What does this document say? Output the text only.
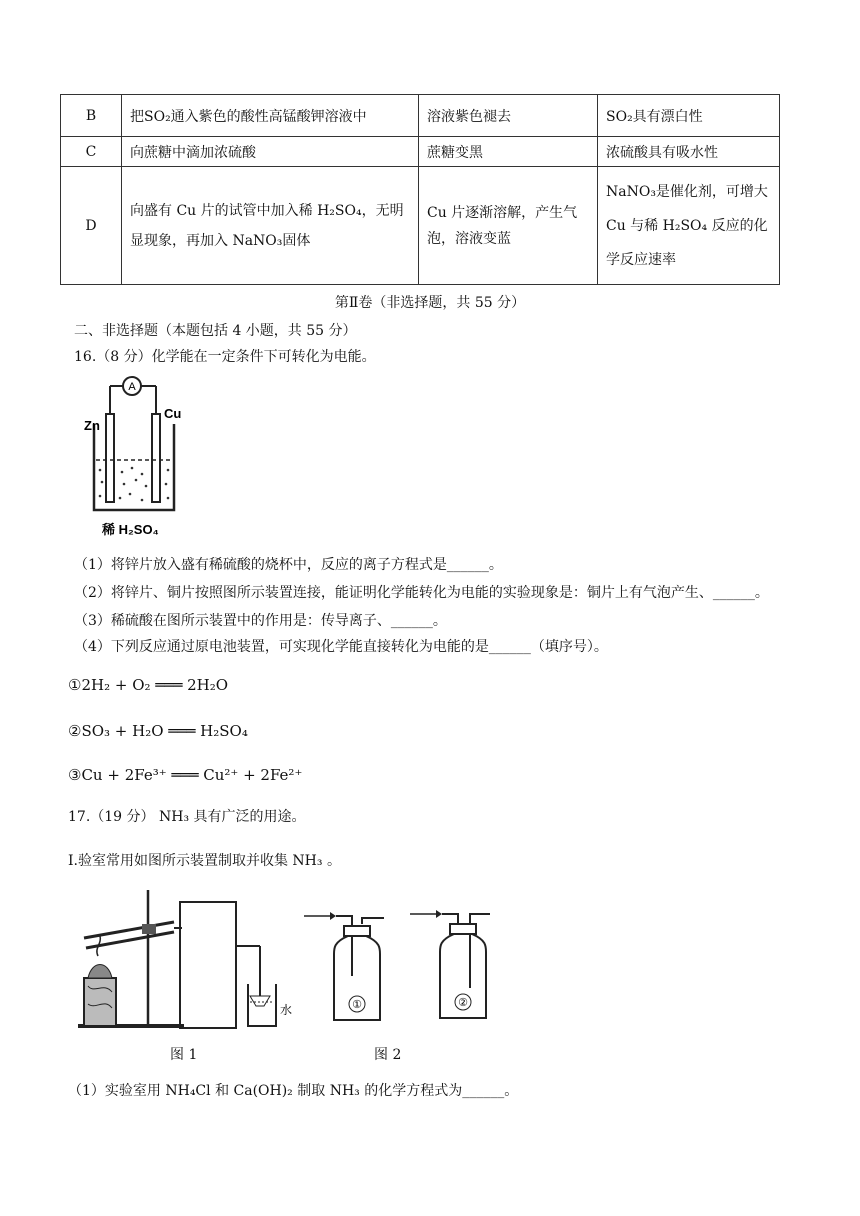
B	把SO₂通入紫色的酸性高锰酸钾溶液中	溶液紫色褪去	SO₂具有漂白性
C	向蔗糖中滴加浓硫酸	蔗糖变黑	浓硫酸具有吸水性
D	向盛有 Cu 片的试管中加入稀 H₂SO₄，无明显现象，再加入 NaNO₃固体	Cu 片逐渐溶解，产生气泡，溶液变蓝	NaNO₃是催化剂，可增大 Cu 与稀 H₂SO₄ 反应的化学反应速率
第Ⅱ卷（非选择题，共 55 分）
二、非选择题（本题包括 4 小题，共 55 分）
16.（8 分）化学能在一定条件下可转化为电能。
A
Zn
Cu
稀 H₂SO₄
（1）将锌片放入盛有稀硫酸的烧杯中，反应的离子方程式是______。
（2）将锌片、铜片按照图所示装置连接，能证明化学能转化为电能的实验现象是：铜片上有气泡产生、______。
（3）稀硫酸在图所示装置中的作用是：传导离子、______。
（4）下列反应通过原电池装置，可实现化学能直接转化为电能的是______（填序号）。
①2H₂ + O₂ ═══ 2H₂O
②SO₃ + H₂O ═══ H₂SO₄
③Cu + 2Fe³⁺ ═══ Cu²⁺ + 2Fe²⁺
17.（19 分） NH₃ 具有广泛的用途。
Ⅰ.验室常用如图所示装置制取并收集 NH₃ 。
水	①	②
图 1	图 2
（1）实验室用 NH₄Cl 和 Ca(OH)₂ 制取 NH₃ 的化学方程式为______。
